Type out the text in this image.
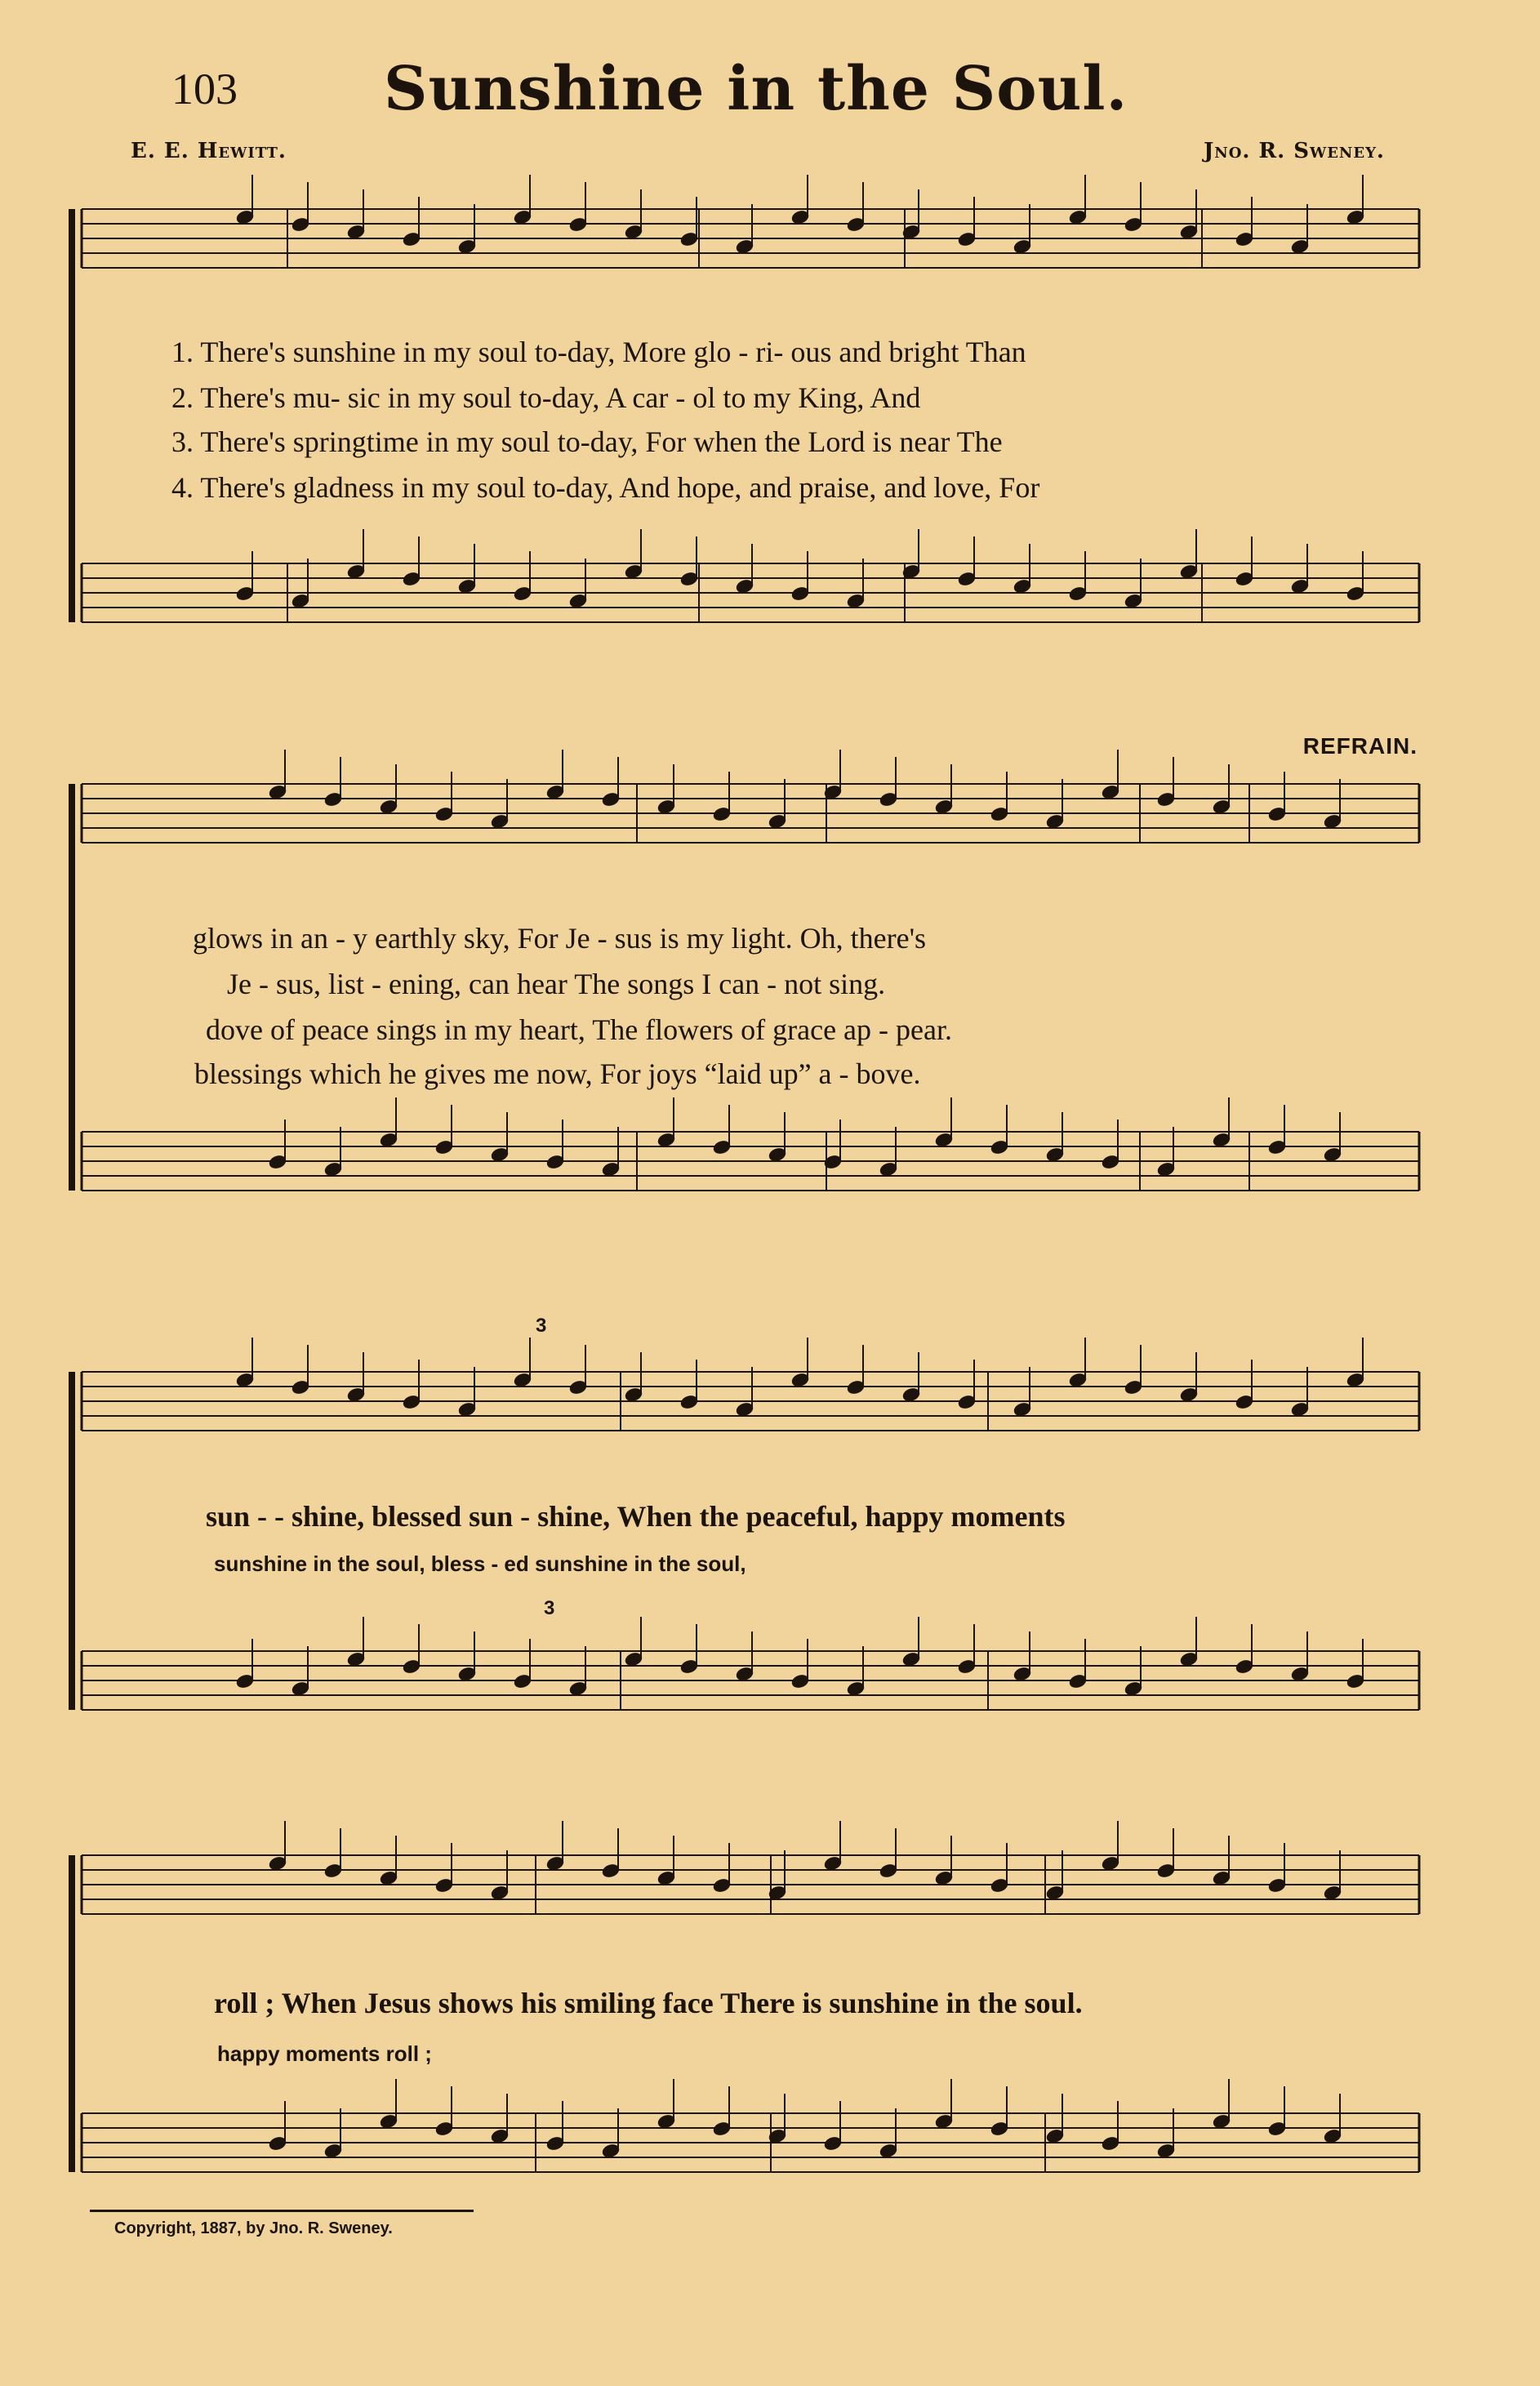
103 Sunshine in the Soul.
E. E. Hewitt.	Jno. R. Sweney.
1. There's sunshine in my soul to-day, More glo - ri- ous and bright Than
2. There's mu- sic in my soul to-day, A car - ol to my King, And
3. There's springtime in my soul to-day, For when the Lord is near The
4. There's gladness in my soul to-day, And hope, and praise, and love, For
REFRAIN.
glows in an - y earthly sky, For Je - sus is my light. Oh, there's
Je - sus, list - ening, can hear The songs I can - not sing.
dove of peace sings in my heart, The flowers of grace ap - pear.
blessings which he gives me now, For joys “laid up” a - bove.
sun - - shine, blessed sun - shine, When the peaceful, happy moments
sunshine in the soul, bless - ed sunshine in the soul,
3
3
roll ; When Jesus shows his smiling face There is sunshine in the soul.
happy moments roll ;
Copyright, 1887, by Jno. R. Sweney.
